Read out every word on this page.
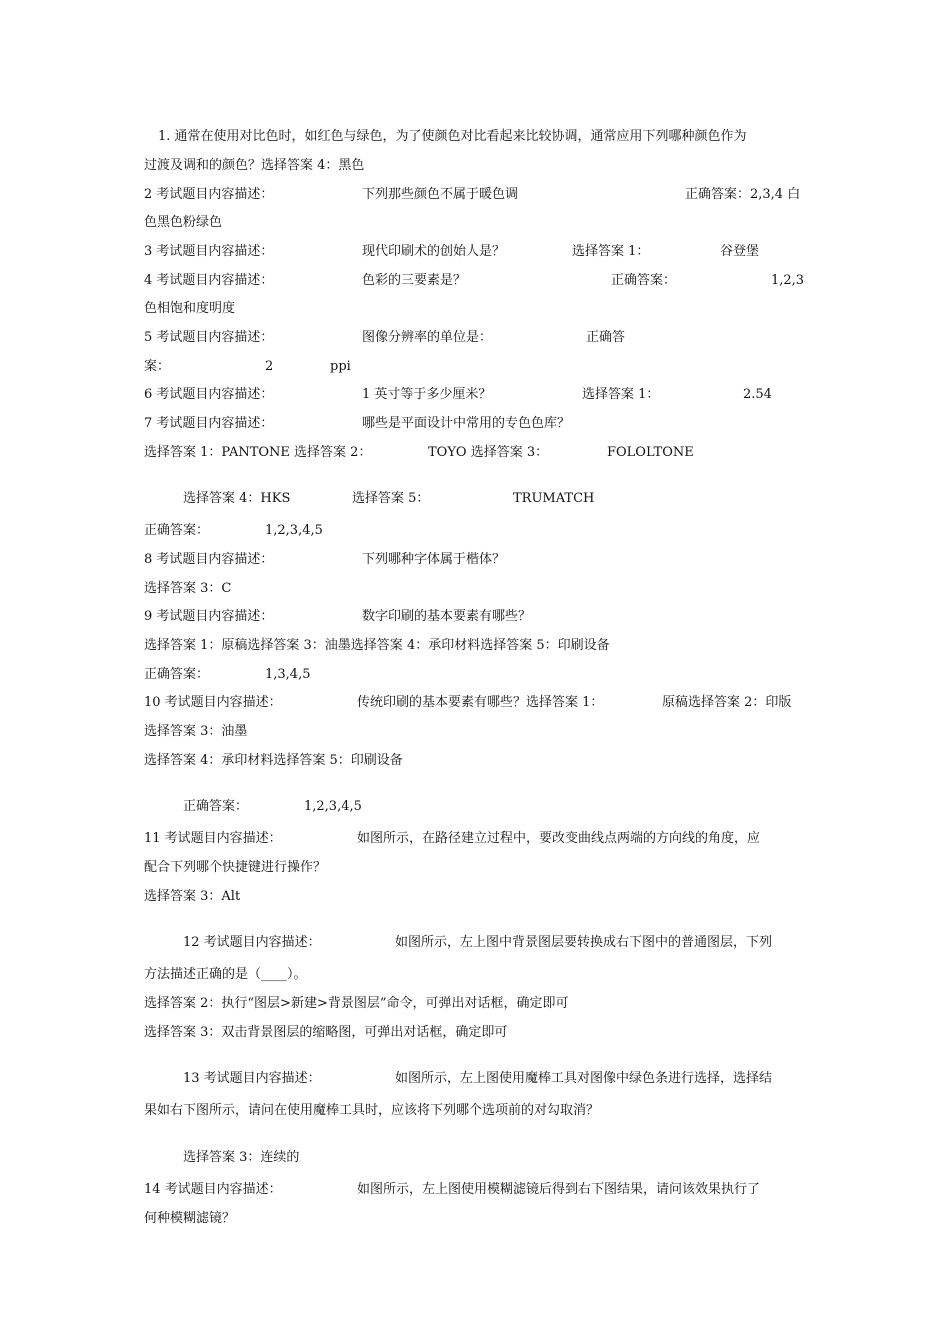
1. 通常在使用对比色时，如红色与绿色，为了使颜色对比看起来比较协调，通常应用下列哪种颜色作为
过渡及调和的颜色？选择答案 4：黑色
2 考试题目内容描述：	下列那些颜色不属于暖色调	正确答案：2,3,4 白
色黑色粉绿色
3 考试题目内容描述：	现代印刷术的创始人是？	选择答案 1：	谷登堡
4 考试题目内容描述：	色彩的三要素是？	正确答案：	1,2,3
色相饱和度明度
5 考试题目内容描述：	图像分辨率的单位是：	正确答
案：	2	ppi
6 考试题目内容描述：	1 英寸等于多少厘米？	选择答案 1：	2.54
7 考试题目内容描述：	哪些是平面设计中常用的专色色库？
选择答案 1：PANTONE 选择答案 2：	TOYO 选择答案 3：	FOLOLTONE
选择答案 4：HKS	选择答案 5：	TRUMATCH
正确答案：	1,2,3,4,5
8 考试题目内容描述：	下列哪种字体属于楷体？
选择答案 3：C
9 考试题目内容描述：	数字印刷的基本要素有哪些？
选择答案 1：原稿选择答案 3：油墨选择答案 4：承印材料选择答案 5：印刷设备
正确答案：	1,3,4,5
10 考试题目内容描述：	传统印刷的基本要素有哪些？选择答案 1：	原稿选择答案 2：印版
选择答案 3：油墨
选择答案 4：承印材料选择答案 5：印刷设备
正确答案：	1,2,3,4,5
11 考试题目内容描述：	如图所示，在路径建立过程中，要改变曲线点两端的方向线的角度，应
配合下列哪个快捷键进行操作？
选择答案 3：Alt
12 考试题目内容描述：	如图所示，左上图中背景图层要转换成右下图中的普通图层，下列
方法描述正确的是（____）。
选择答案 2：执行“图层>新建>背景图层”命令，可弹出对话框，确定即可
选择答案 3：双击背景图层的缩略图，可弹出对话框，确定即可
13 考试题目内容描述：	如图所示，左上图使用魔棒工具对图像中绿色条进行选择，选择结
果如右下图所示，请问在使用魔棒工具时，应该将下列哪个选项前的对勾取消？
选择答案 3：连续的
14 考试题目内容描述：	如图所示，左上图使用模糊滤镜后得到右下图结果，请问该效果执行了
何种模糊滤镜？
